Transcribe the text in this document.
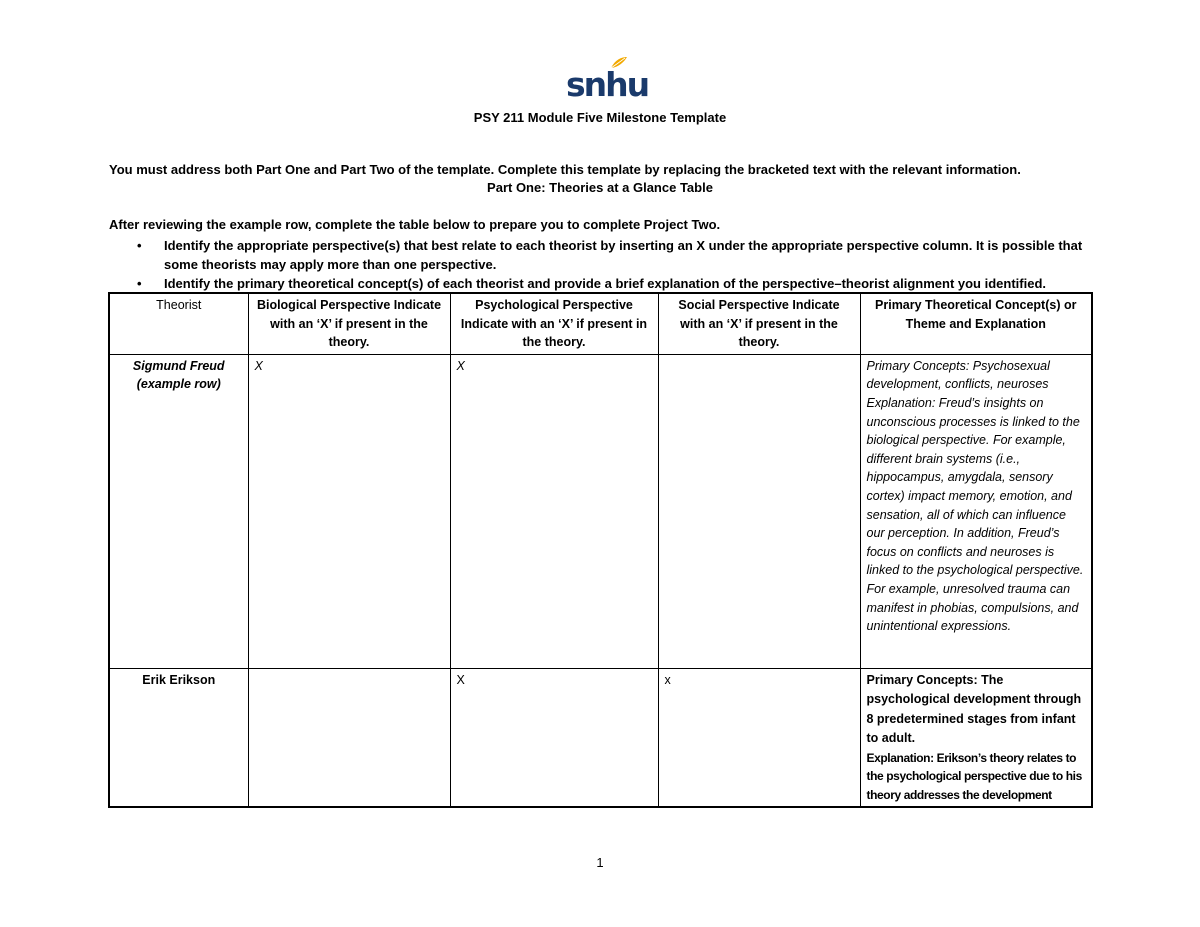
snhu
PSY 211 Module Five Milestone Template
You must address both Part One and Part Two of the template. Complete this template by replacing the bracketed text with the relevant information.
Part One: Theories at a Glance Table
After reviewing the example row, complete the table below to prepare you to complete Project Two.
• Identify the appropriate perspective(s) that best relate to each theorist by inserting an X under the appropriate perspective column. It is possible that some theorists may apply more than one perspective.
• Identify the primary theoretical concept(s) of each theorist and provide a brief explanation of the perspective–theorist alignment you identified.
Theorist	Biological Perspective Indicate with an ‘X’ if present in the theory.	Psychological Perspective Indicate with an ‘X’ if present in the theory.	Social Perspective Indicate with an ‘X’ if present in the theory.	Primary Theoretical Concept(s) or Theme and Explanation
Sigmund Freud (example row)	X	X		Primary Concepts: Psychosexual development, conflicts, neuroses Explanation: Freud’s insights on unconscious processes is linked to the biological perspective. For example, different brain systems (i.e., hippocampus, amygdala, sensory cortex) impact memory, emotion, and sensation, all of which can influence our perception. In addition, Freud’s focus on conflicts and neuroses is linked to the psychological perspective. For example, unresolved trauma can manifest in phobias, compulsions, and unintentional expressions.
Erik Erikson		X	x	Primary Concepts: The psychological development through 8 predetermined stages from infant to adult.
Explanation: Erikson’s theory relates to the psychological perspective due to his theory addresses the development
1
